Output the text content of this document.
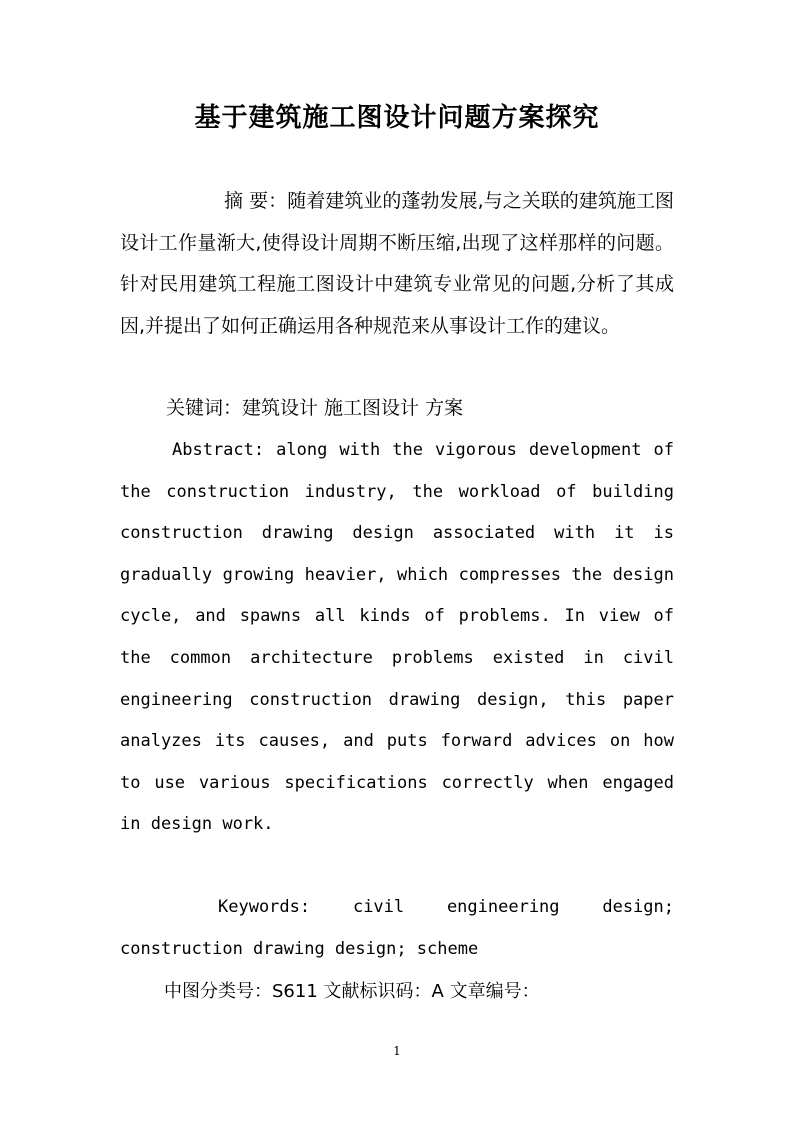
基于建筑施工图设计问题方案探究
摘 要：随着建筑业的蓬勃发展,与之关联的建筑施工图设计工作量渐大,使得设计周期不断压缩,出现了这样那样的问题。针对民用建筑工程施工图设计中建筑专业常见的问题,分析了其成因,并提出了如何正确运用各种规范来从事设计工作的建议。
关键词：建筑设计 施工图设计 方案
Abstract: along with the vigorous development of the construction industry, the workload of building construction drawing design associated with it is gradually growing heavier, which compresses the design cycle, and spawns all kinds of problems. In view of the common architecture problems existed in civil engineering construction drawing design, this paper analyzes its causes, and puts forward advices on how to use various specifications correctly when engaged in design work.
Keywords:	civil engineering design; construction drawing design; scheme
中图分类号：S611 文献标识码：A 文章编号：
1
